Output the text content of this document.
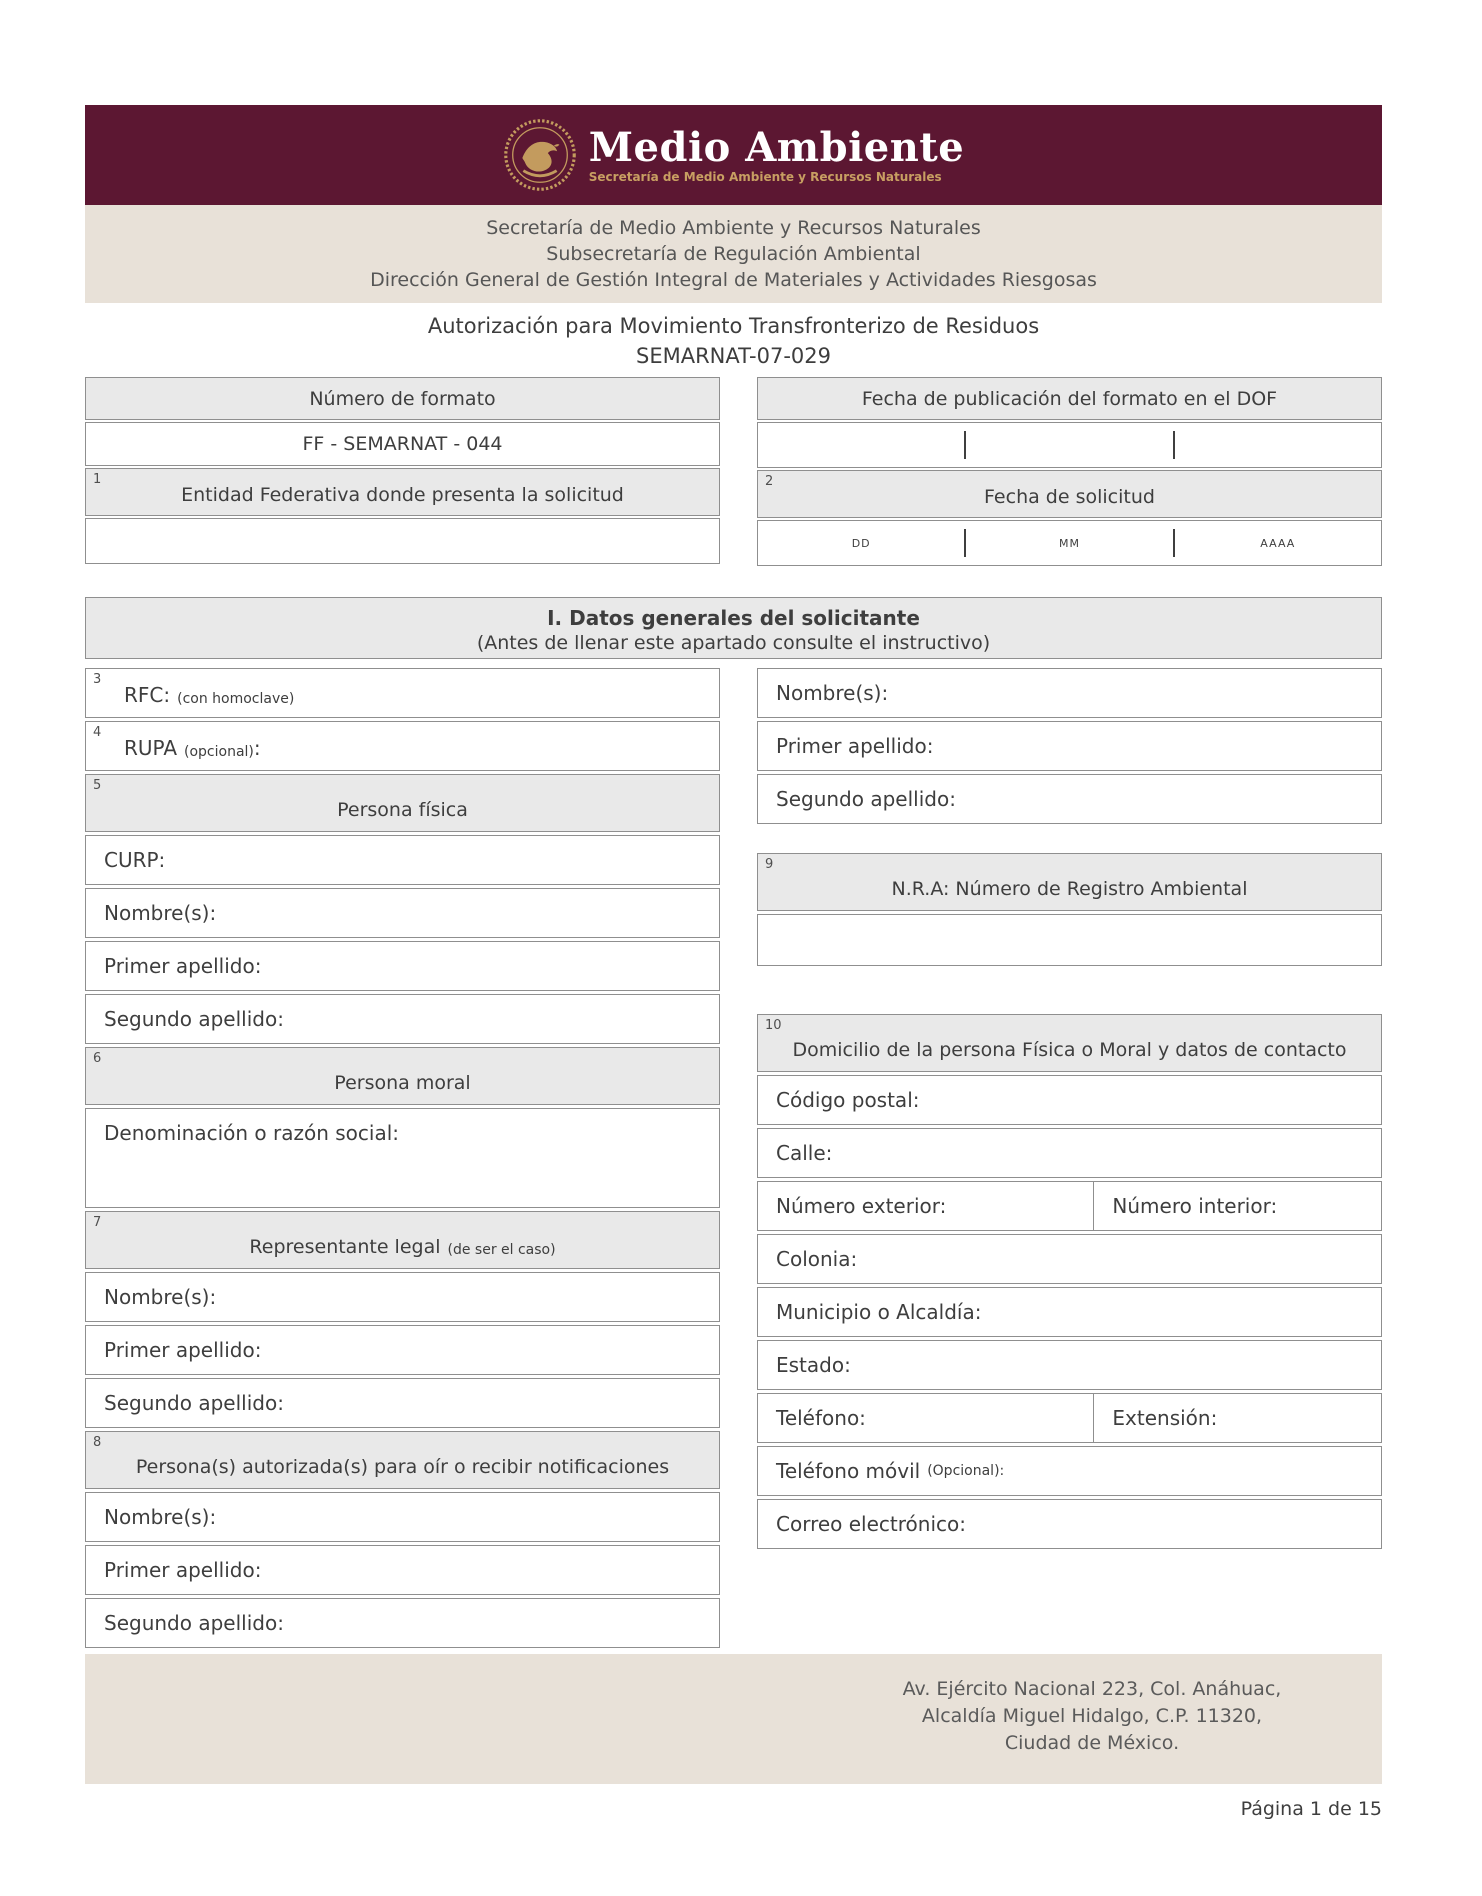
Medio Ambiente
Secretaría de Medio Ambiente y Recursos Naturales
Secretaría de Medio Ambiente y Recursos Naturales
Subsecretaría de Regulación Ambiental
Dirección General de Gestión Integral de Materiales y Actividades Riesgosas
Autorización para Movimiento Transfronterizo de Residuos
SEMARNAT-07-029
Número de formato
FF - SEMARNAT - 044
1
Entidad Federativa donde presenta la solicitud
Fecha de publicación del formato en el DOF
2
Fecha de solicitud
DD	MM	AAAA
I. Datos generales del solicitante
(Antes de llenar este apartado consulte el instructivo)
3
RFC: (con homoclave)
4
RUPA (opcional) :
5
Persona física
CURP:
Nombre(s):
Primer apellido:
Segundo apellido:
6
Persona moral
Denominación o razón social:
7
Representante legal (de ser el caso)
Nombre(s):
Primer apellido:
Segundo apellido:
8
Persona(s) autorizada(s) para oír o recibir notificaciones
Nombre(s):
Primer apellido:
Segundo apellido:
Nombre(s):
Primer apellido:
Segundo apellido:
9
N.R.A: Número de Registro Ambiental
10
Domicilio de la persona Física o Moral y datos de contacto
Código postal:
Calle:
Número exterior:	Número interior:
Colonia:
Municipio o Alcaldía:
Estado:
Teléfono:	Extensión:
Teléfono móvil (Opcional):
Correo electrónico:
Av. Ejército Nacional 223, Col. Anáhuac,
Alcaldía Miguel Hidalgo, C.P. 11320,
Ciudad de México.
Página 1 de 15
